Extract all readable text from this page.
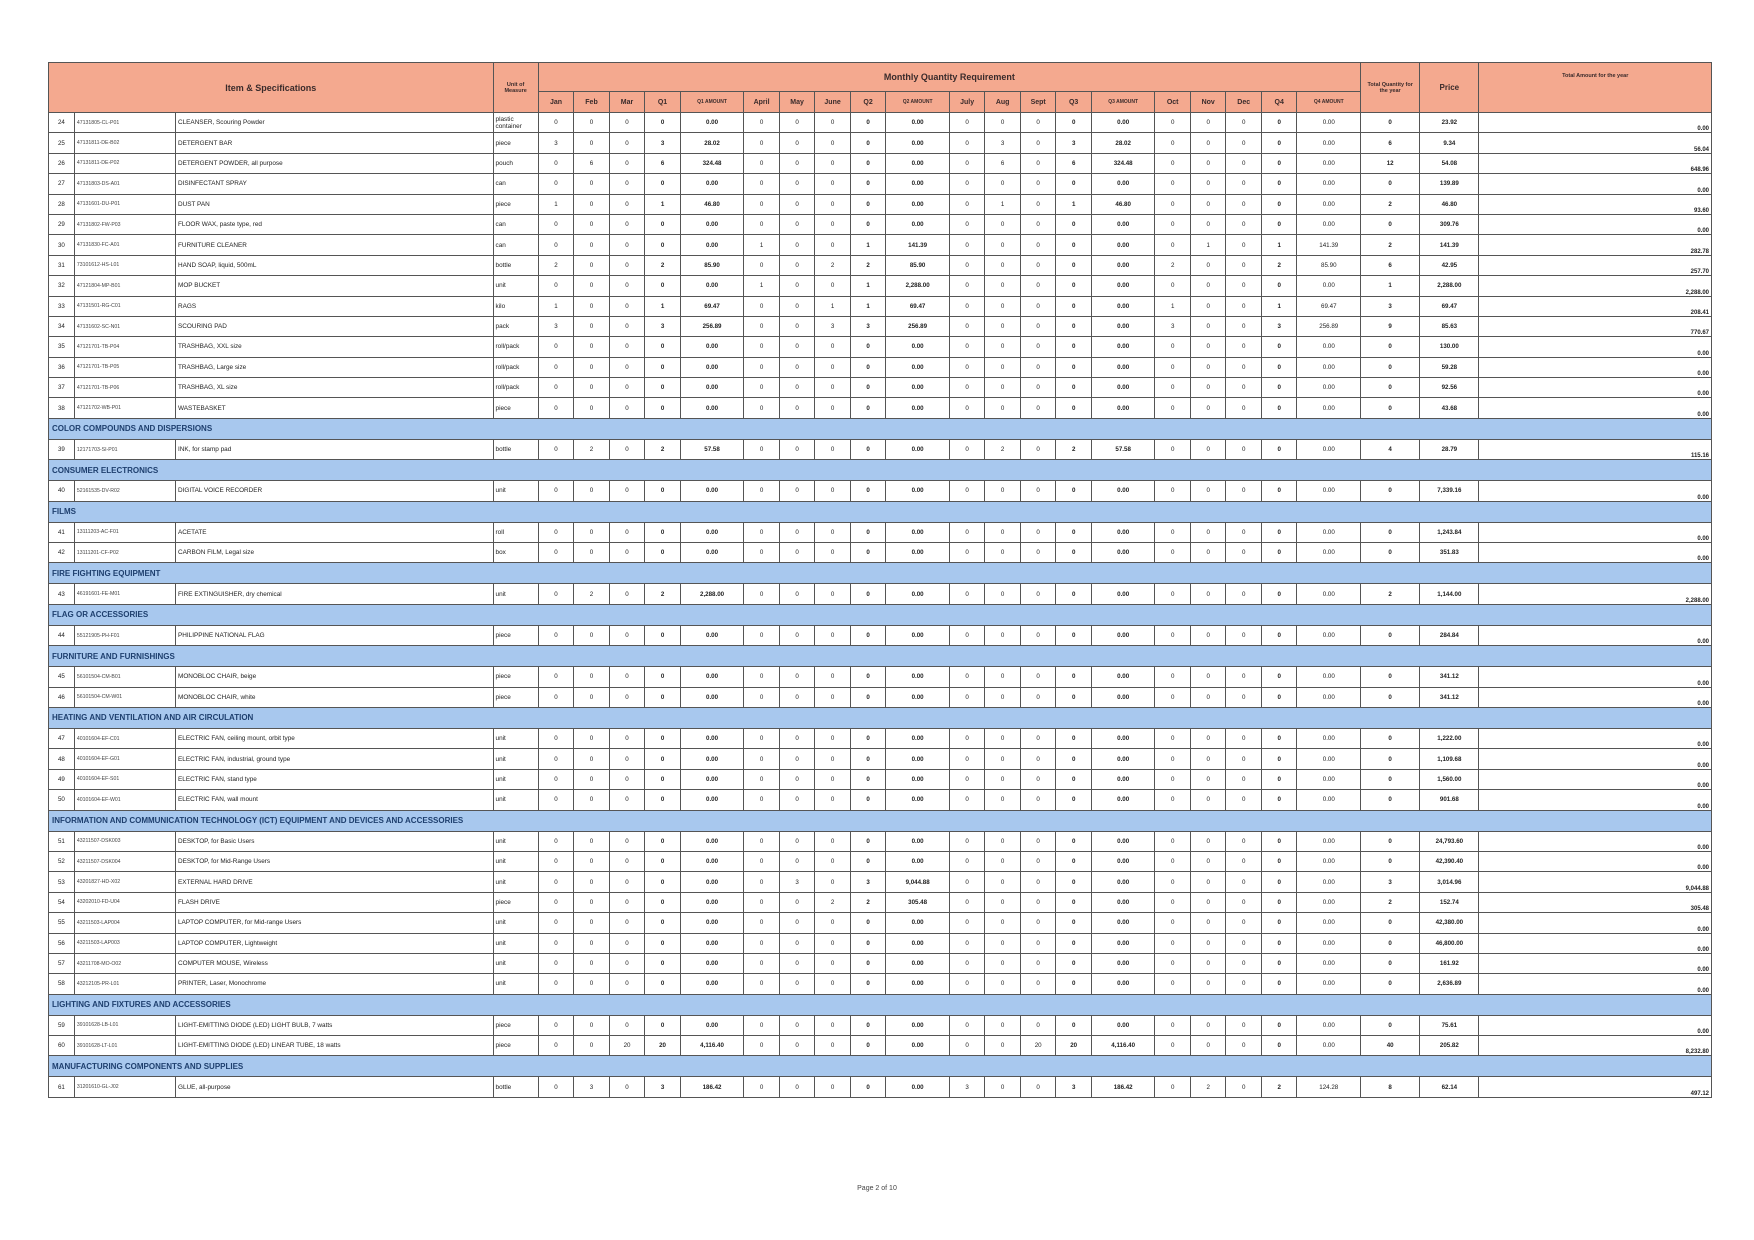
Item & Specifications			Unit of Measure	Monthly Quantity Requirement																				Total Quantity for the year	Price	Total Amount for the year
				Jan	Feb	Mar	Q1	Q1 AMOUNT	April	May	June	Q2	Q2 AMOUNT	July	Aug	Sept	Q3	Q3 AMOUNT	Oct	Nov	Dec	Q4	Q4 AMOUNT			
24	47131805-CL-P01	CLEANSER, Scouring Powder	plastic container	0	0	0	0	0.00	0	0	0	0	0.00	0	0	0	0	0.00	0	0	0	0	0.00	0	23.92	0.00
25	47131811-DE-B02	DETERGENT BAR	piece	3	0	0	3	28.02	0	0	0	0	0.00	0	3	0	3	28.02	0	0	0	0	0.00	6	9.34	56.04
26	47131811-DE-P02	DETERGENT POWDER, all purpose	pouch	0	6	0	6	324.48	0	0	0	0	0.00	0	6	0	6	324.48	0	0	0	0	0.00	12	54.08	648.96
27	47131803-DS-A01	DISINFECTANT SPRAY	can	0	0	0	0	0.00	0	0	0	0	0.00	0	0	0	0	0.00	0	0	0	0	0.00	0	139.89	0.00
28	47131601-DU-P01	DUST PAN	piece	1	0	0	1	46.80	0	0	0	0	0.00	0	1	0	1	46.80	0	0	0	0	0.00	2	46.80	93.60
29	47131802-FW-P03	FLOOR WAX, paste type, red	can	0	0	0	0	0.00	0	0	0	0	0.00	0	0	0	0	0.00	0	0	0	0	0.00	0	309.76	0.00
30	47131830-FC-A01	FURNITURE CLEANER	can	0	0	0	0	0.00	1	0	0	1	141.39	0	0	0	0	0.00	0	1	0	1	141.39	2	141.39	282.78
31	73101612-HS-L01	HAND SOAP, liquid, 500mL	bottle	2	0	0	2	85.90	0	0	2	2	85.90	0	0	0	0	0.00	2	0	0	2	85.90	6	42.95	257.70
32	47121804-MP-B01	MOP BUCKET	unit	0	0	0	0	0.00	1	0	0	1	2,288.00	0	0	0	0	0.00	0	0	0	0	0.00	1	2,288.00	2,288.00
33	47131501-RG-C01	RAGS	kilo	1	0	0	1	69.47	0	0	1	1	69.47	0	0	0	0	0.00	1	0	0	1	69.47	3	69.47	208.41
34	47131602-SC-N01	SCOURING PAD	pack	3	0	0	3	256.89	0	0	3	3	256.89	0	0	0	0	0.00	3	0	0	3	256.89	9	85.63	770.67
35	47121701-TB-P04	TRASHBAG, XXL size	roll/pack	0	0	0	0	0.00	0	0	0	0	0.00	0	0	0	0	0.00	0	0	0	0	0.00	0	130.00	0.00
36	47121701-TB-P05	TRASHBAG, Large size	roll/pack	0	0	0	0	0.00	0	0	0	0	0.00	0	0	0	0	0.00	0	0	0	0	0.00	0	59.28	0.00
37	47121701-TB-P06	TRASHBAG, XL size	roll/pack	0	0	0	0	0.00	0	0	0	0	0.00	0	0	0	0	0.00	0	0	0	0	0.00	0	92.56	0.00
38	47121702-WB-P01	WASTEBASKET	piece	0	0	0	0	0.00	0	0	0	0	0.00	0	0	0	0	0.00	0	0	0	0	0.00	0	43.68	0.00
COLOR COMPOUNDS AND DISPERSIONS																										
39	12171703-SI-P01	INK, for stamp pad	bottle	0	2	0	2	57.58	0	0	0	0	0.00	0	2	0	2	57.58	0	0	0	0	0.00	4	28.79	115.16
CONSUMER ELECTRONICS																										
40	52161535-DV-R02	DIGITAL VOICE RECORDER	unit	0	0	0	0	0.00	0	0	0	0	0.00	0	0	0	0	0.00	0	0	0	0	0.00	0	7,339.16	0.00
FILMS																										
41	13111203-AC-F01	ACETATE	roll	0	0	0	0	0.00	0	0	0	0	0.00	0	0	0	0	0.00	0	0	0	0	0.00	0	1,243.84	0.00
42	13111201-CF-P02	CARBON FILM, Legal size	box	0	0	0	0	0.00	0	0	0	0	0.00	0	0	0	0	0.00	0	0	0	0	0.00	0	351.83	0.00
FIRE FIGHTING EQUIPMENT																										
43	46191601-FE-M01	FIRE EXTINGUISHER, dry chemical	unit	0	2	0	2	2,288.00	0	0	0	0	0.00	0	0	0	0	0.00	0	0	0	0	0.00	2	1,144.00	2,288.00
FLAG OR ACCESSORIES																										
44	55121905-PH-F01	PHILIPPINE NATIONAL FLAG	piece	0	0	0	0	0.00	0	0	0	0	0.00	0	0	0	0	0.00	0	0	0	0	0.00	0	284.84	0.00
FURNITURE AND FURNISHINGS																										
45	56101504-CM-B01	MONOBLOC CHAIR, beige	piece	0	0	0	0	0.00	0	0	0	0	0.00	0	0	0	0	0.00	0	0	0	0	0.00	0	341.12	0.00
46	56101504-CM-W01	MONOBLOC CHAIR, white	piece	0	0	0	0	0.00	0	0	0	0	0.00	0	0	0	0	0.00	0	0	0	0	0.00	0	341.12	0.00
HEATING AND VENTILATION AND AIR CIRCULATION																										
47	40101604-EF-C01	ELECTRIC FAN, ceiling mount, orbit type	unit	0	0	0	0	0.00	0	0	0	0	0.00	0	0	0	0	0.00	0	0	0	0	0.00	0	1,222.00	0.00
48	40101604-EF-G01	ELECTRIC FAN, industrial, ground type	unit	0	0	0	0	0.00	0	0	0	0	0.00	0	0	0	0	0.00	0	0	0	0	0.00	0	1,109.68	0.00
49	40101604-EF-S01	ELECTRIC FAN, stand type	unit	0	0	0	0	0.00	0	0	0	0	0.00	0	0	0	0	0.00	0	0	0	0	0.00	0	1,560.00	0.00
50	40101604-EF-W01	ELECTRIC FAN, wall mount	unit	0	0	0	0	0.00	0	0	0	0	0.00	0	0	0	0	0.00	0	0	0	0	0.00	0	901.68	0.00
INFORMATION AND COMMUNICATION TECHNOLOGY (ICT) EQUIPMENT AND DEVICES AND ACCESSORIES																										
51	43211507-DSK003	DESKTOP, for Basic Users	unit	0	0	0	0	0.00	0	0	0	0	0.00	0	0	0	0	0.00	0	0	0	0	0.00	0	24,793.60	0.00
52	43211507-DSK004	DESKTOP, for Mid-Range Users	unit	0	0	0	0	0.00	0	0	0	0	0.00	0	0	0	0	0.00	0	0	0	0	0.00	0	42,390.40	0.00
53	43201827-HD-X02	EXTERNAL HARD DRIVE	unit	0	0	0	0	0.00	0	3	0	3	9,044.88	0	0	0	0	0.00	0	0	0	0	0.00	3	3,014.96	9,044.88
54	43202010-FD-U04	FLASH DRIVE	piece	0	0	0	0	0.00	0	0	2	2	305.48	0	0	0	0	0.00	0	0	0	0	0.00	2	152.74	305.48
55	43211503-LAP004	LAPTOP COMPUTER, for Mid-range Users	unit	0	0	0	0	0.00	0	0	0	0	0.00	0	0	0	0	0.00	0	0	0	0	0.00	0	42,380.00	0.00
56	43211503-LAP003	LAPTOP COMPUTER, Lightweight	unit	0	0	0	0	0.00	0	0	0	0	0.00	0	0	0	0	0.00	0	0	0	0	0.00	0	46,800.00	0.00
57	43211708-MO-O02	COMPUTER MOUSE, Wireless	unit	0	0	0	0	0.00	0	0	0	0	0.00	0	0	0	0	0.00	0	0	0	0	0.00	0	161.92	0.00
58	43212105-PR-L01	PRINTER, Laser, Monochrome	unit	0	0	0	0	0.00	0	0	0	0	0.00	0	0	0	0	0.00	0	0	0	0	0.00	0	2,636.89	0.00
LIGHTING AND FIXTURES AND ACCESSORIES																										
59	39101628-LB-L01	LIGHT-EMITTING DIODE (LED) LIGHT BULB, 7 watts	piece	0	0	0	0	0.00	0	0	0	0	0.00	0	0	0	0	0.00	0	0	0	0	0.00	0	75.61	0.00
60	39101628-LT-L01	LIGHT-EMITTING DIODE (LED) LINEAR TUBE, 18 watts	piece	0	0	20	20	4,116.40	0	0	0	0	0.00	0	0	20	20	4,116.40	0	0	0	0	0.00	40	205.82	8,232.80
MANUFACTURING COMPONENTS AND SUPPLIES																										
61	31201610-GL-J02	GLUE, all-purpose	bottle	0	3	0	3	186.42	0	0	0	0	0.00	3	0	0	3	186.42	0	2	0	2	124.28	8	62.14	497.12
Page 2 of 10
